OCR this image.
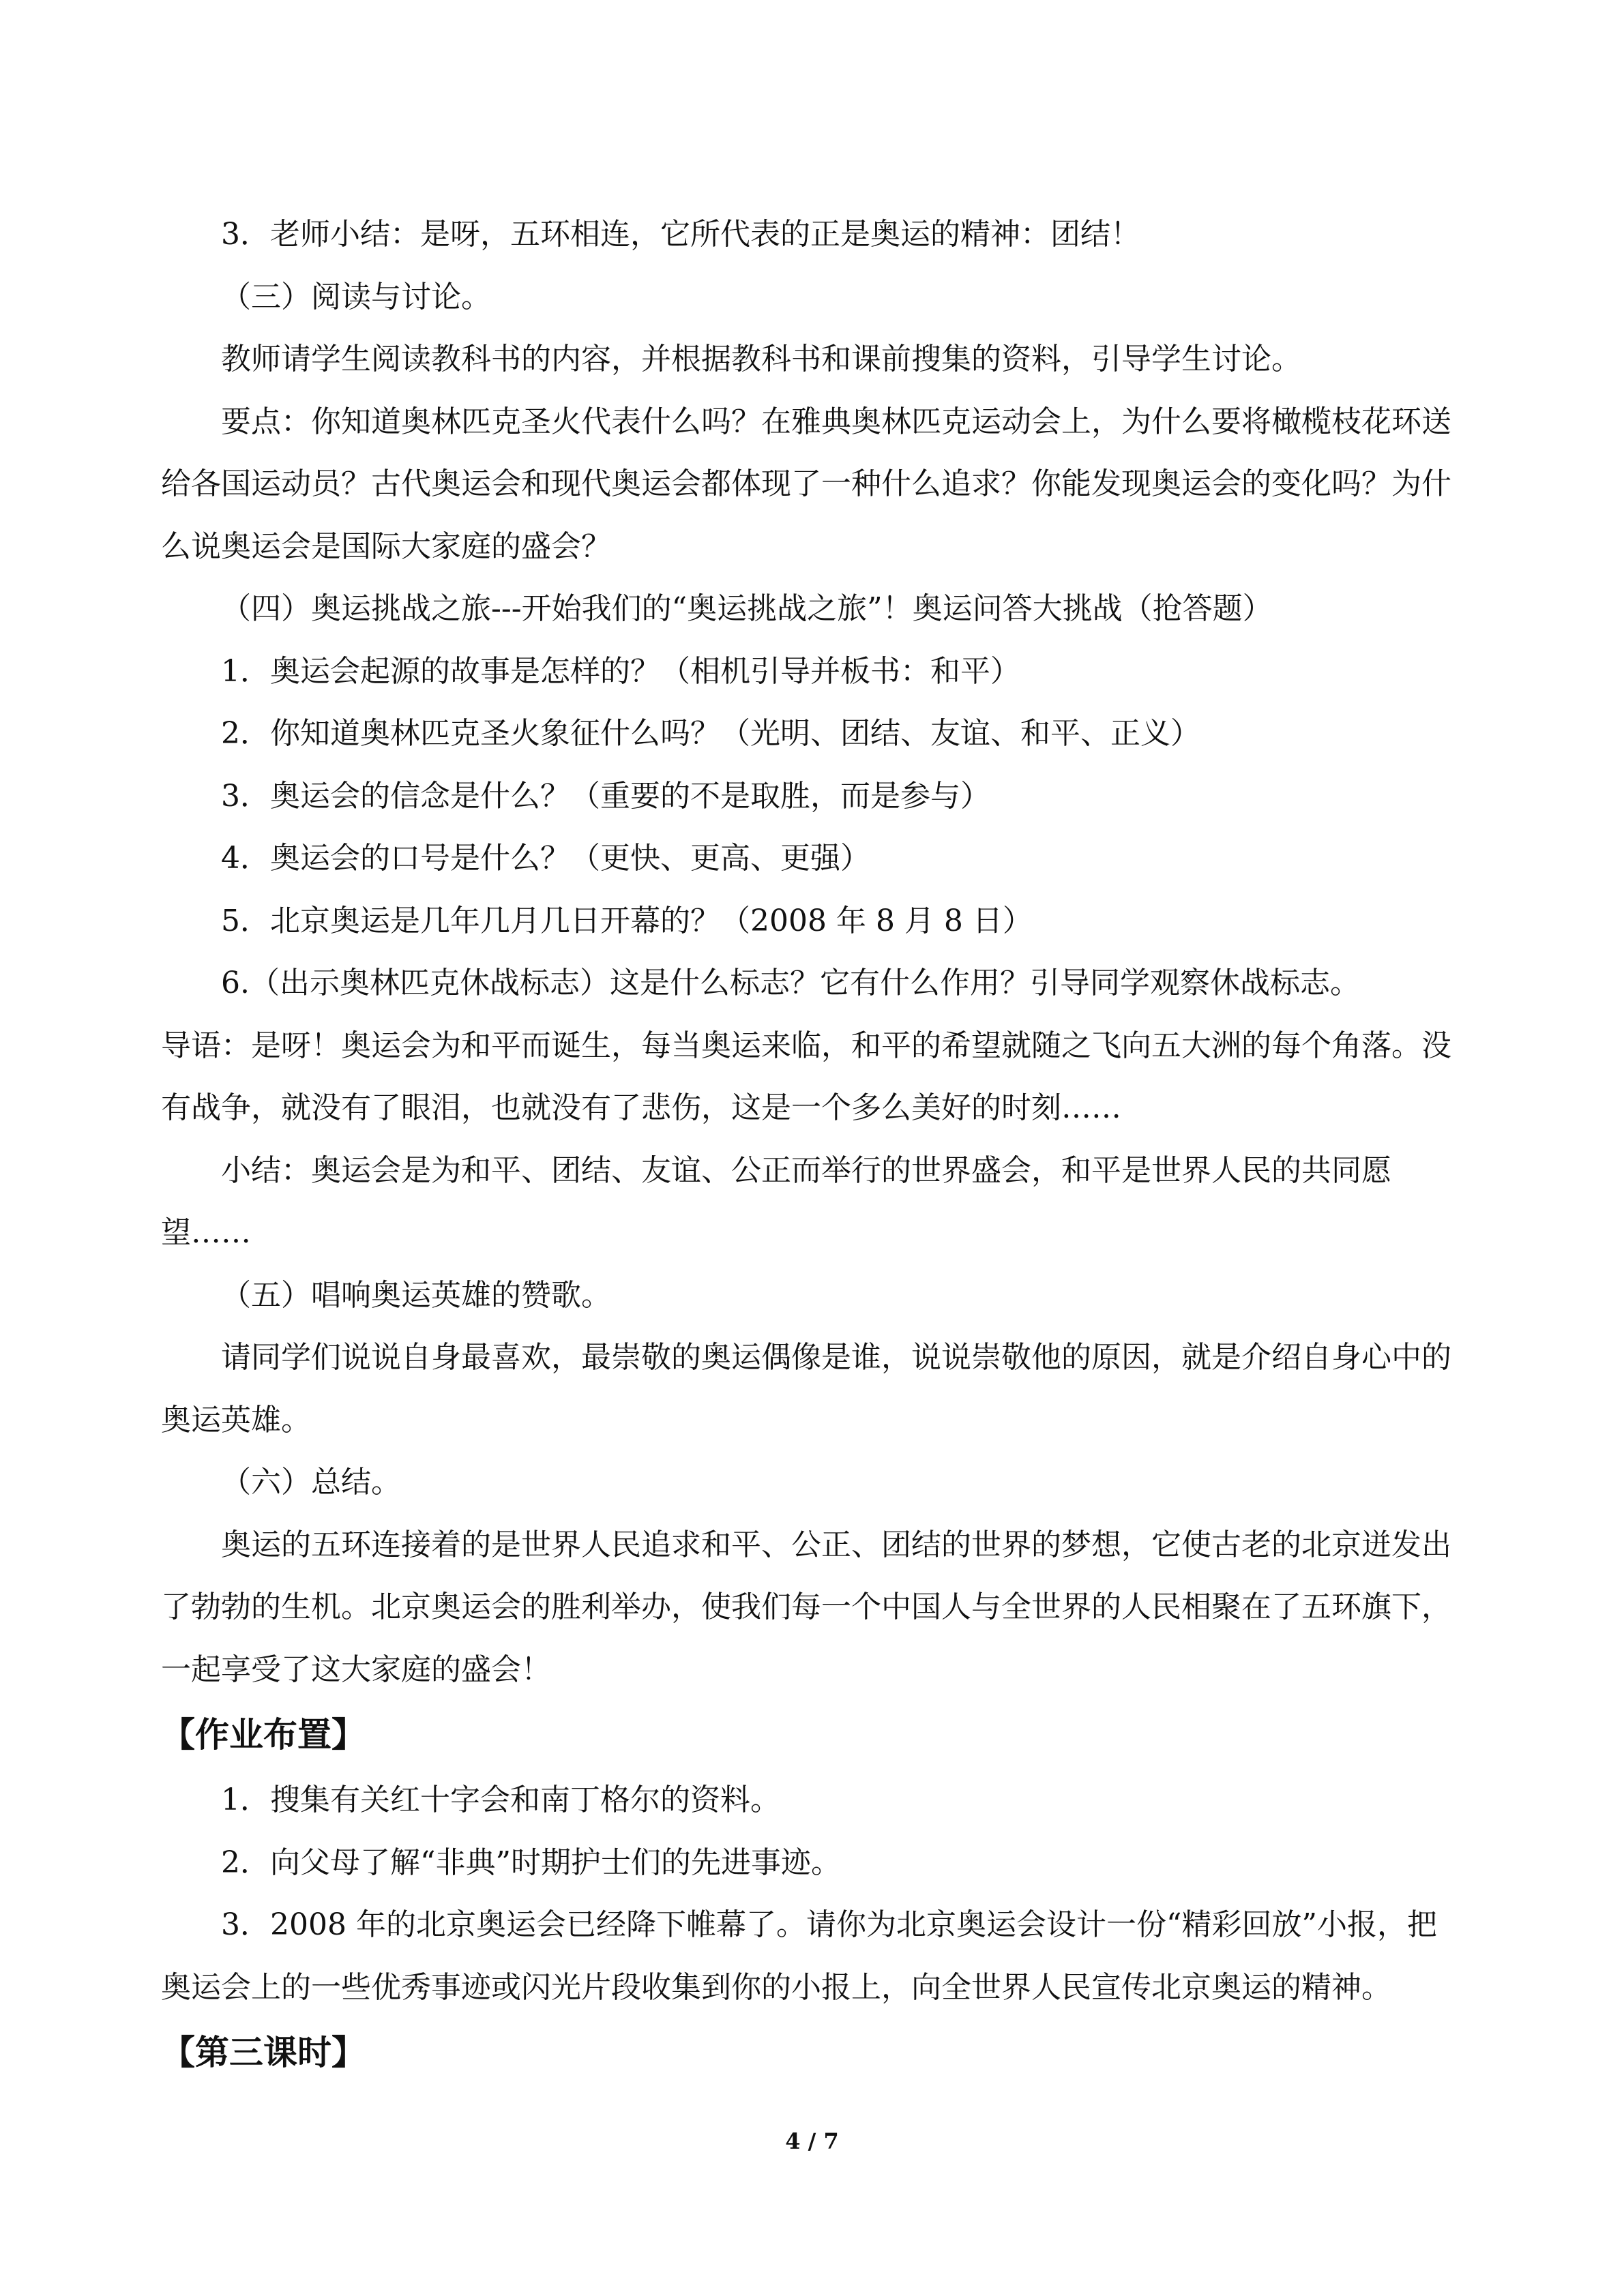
3．老师小结：是呀，五环相连，它所代表的正是奥运的精神：团结！

（三）阅读与讨论。

教师请学生阅读教科书的内容，并根据教科书和课前搜集的资料，引导学生讨论。

要点：你知道奥林匹克圣火代表什么吗？在雅典奥林匹克运动会上，为什么要将橄榄枝花环送给各国运动员？古代奥运会和现代奥运会都体现了一种什么追求？你能发现奥运会的变化吗？为什么说奥运会是国际大家庭的盛会？

（四）奥运挑战之旅---开始我们的“奥运挑战之旅”！奥运问答大挑战（抢答题）

1．奥运会起源的故事是怎样的？（相机引导并板书：和平）

2．你知道奥林匹克圣火象征什么吗？（光明、团结、友谊、和平、正义）

3．奥运会的信念是什么？（重要的不是取胜，而是参与）

4．奥运会的口号是什么？（更快、更高、更强）

5．北京奥运是几年几月几日开幕的？（2008 年 8 月 8 日）

6.（出示奥林匹克休战标志）这是什么标志？它有什么作用？引导同学观察休战标志。

导语：是呀！奥运会为和平而诞生，每当奥运来临，和平的希望就随之飞向五大洲的每个角落。没有战争，就没有了眼泪，也就没有了悲伤，这是一个多么美好的时刻……

小结：奥运会是为和平、团结、友谊、公正而举行的世界盛会，和平是世界人民的共同愿望……

（五）唱响奥运英雄的赞歌。

请同学们说说自身最喜欢，最崇敬的奥运偶像是谁，说说崇敬他的原因，就是介绍自身心中的奥运英雄。

（六）总结。

奥运的五环连接着的是世界人民追求和平、公正、团结的世界的梦想，它使古老的北京迸发出了勃勃的生机。北京奥运会的胜利举办，使我们每一个中国人与全世界的人民相聚在了五环旗下，一起享受了这大家庭的盛会！

【作业布置】

1．搜集有关红十字会和南丁格尔的资料。

2．向父母了解“非典”时期护士们的先进事迹。

3．2008 年的北京奥运会已经降下帷幕了。请你为北京奥运会设计一份“精彩回放”小报，把奥运会上的一些优秀事迹或闪光片段收集到你的小报上，向全世界人民宣传北京奥运的精神。

【第三课时】
4 / 7
